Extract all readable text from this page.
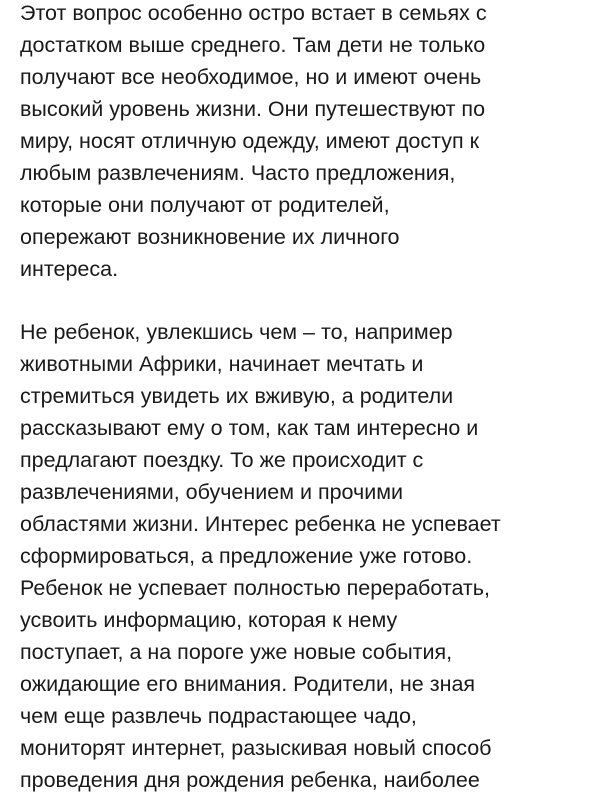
Этот вопрос особенно остро встает в семьях с
достатком выше среднего. Там дети не только
получают все необходимое, но и имеют очень
высокий уровень жизни. Они путешествуют по
миру, носят отличную одежду, имеют доступ к
любым развлечениям. Часто предложения,
которые они получают от родителей,
опережают возникновение их личного
интереса.
Не ребенок, увлекшись чем – то, например
животными Африки, начинает мечтать и
стремиться увидеть их вживую, а родители
рассказывают ему о том, как там интересно и
предлагают поездку. То же происходит с
развлечениями, обучением и прочими
областями жизни. Интерес ребенка не успевает
сформироваться, а предложение уже готово.
Ребенок не успевает полностью переработать,
усвоить информацию, которая к нему
поступает, а на пороге уже новые события,
ожидающие его внимания. Родители, не зная
чем еще развлечь подрастающее чадо,
мониторят интернет, разыскивая новый способ
проведения дня рождения ребенка, наиболее
